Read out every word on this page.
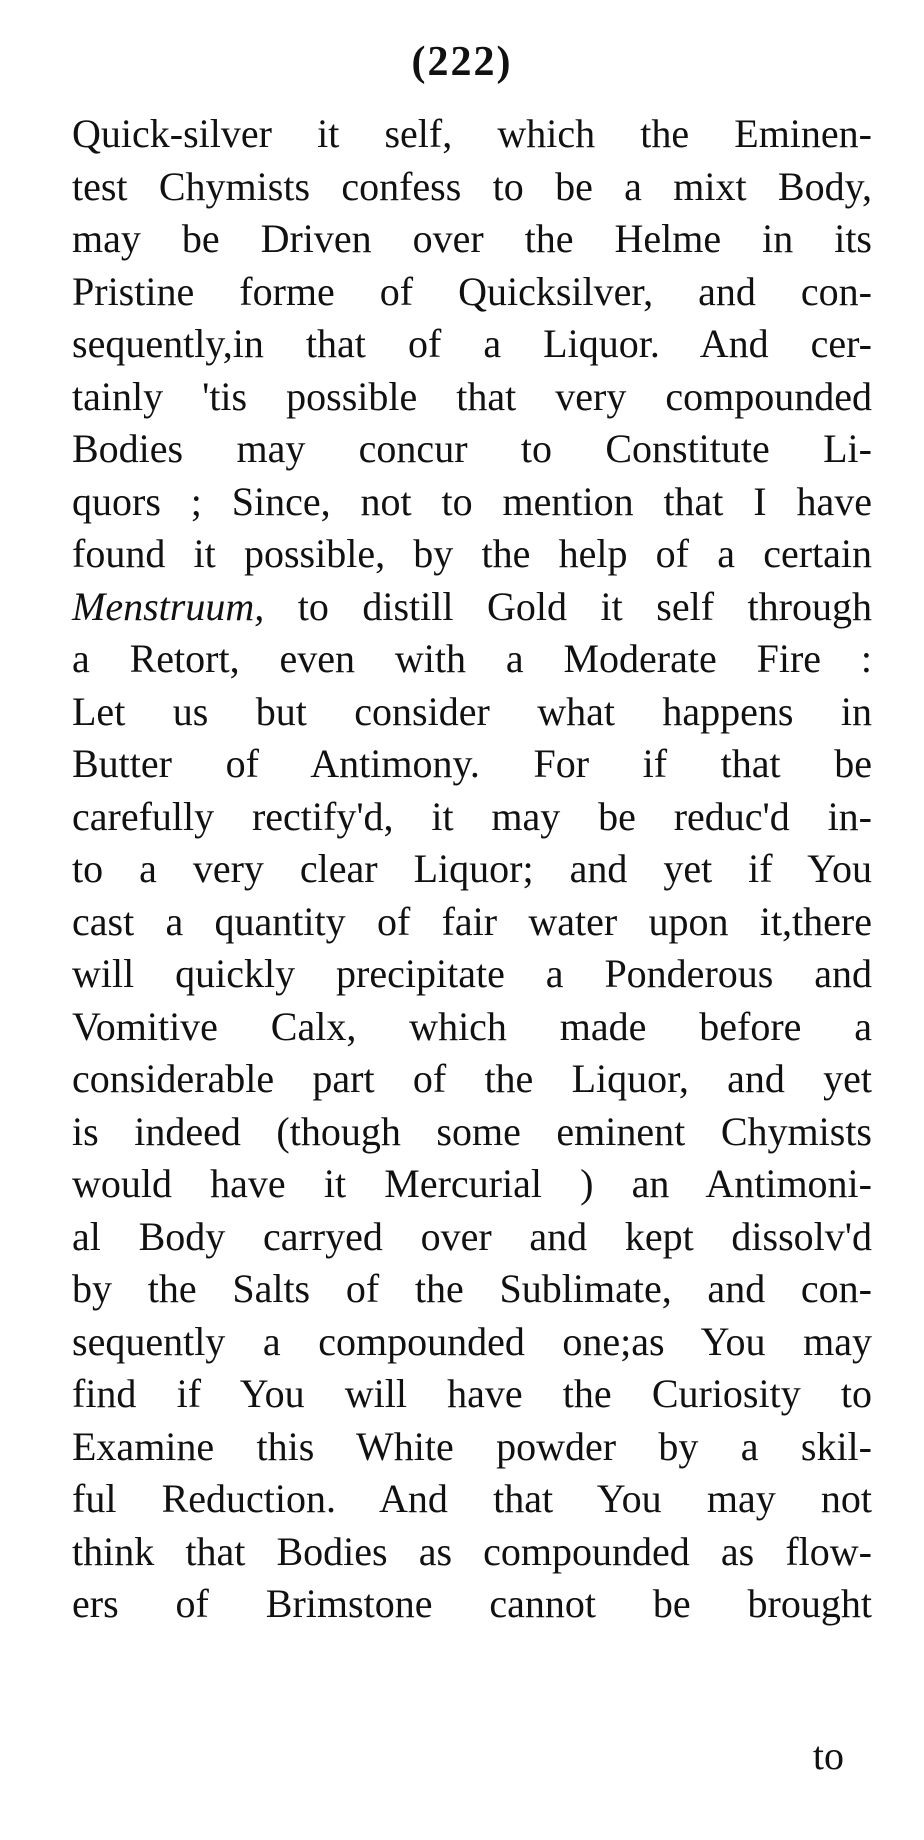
(222)
Quick-silver it self, which the Eminen-
test Chymists confess to be a mixt Body,
may be Driven over the Helme in its
Pristine forme of Quicksilver, and con-
sequently,in that of a Liquor. And cer-
tainly 'tis possible that very compounded
Bodies may concur to Constitute Li-
quors ; Since, not to mention that I have
found it possible, by the help of a certain
Menstruum, to distill Gold it self through
a Retort, even with a Moderate Fire :
Let us but consider what happens in
Butter of Antimony. For if that be
carefully rectify'd, it may be reduc'd in-
to a very clear Liquor; and yet if You
cast a quantity of fair water upon it,there
will quickly precipitate a Ponderous and
Vomitive Calx, which made before a
considerable part of the Liquor, and yet
is indeed (though some eminent Chymists
would have it Mercurial ) an Antimoni-
al Body carryed over and kept dissolv'd
by the Salts of the Sublimate, and con-
sequently a compounded one;as You may
find if You will have the Curiosity to
Examine this White powder by a skil-
ful Reduction. And that You may not
think that Bodies as compounded as flow-
ers of Brimstone cannot be brought
to
